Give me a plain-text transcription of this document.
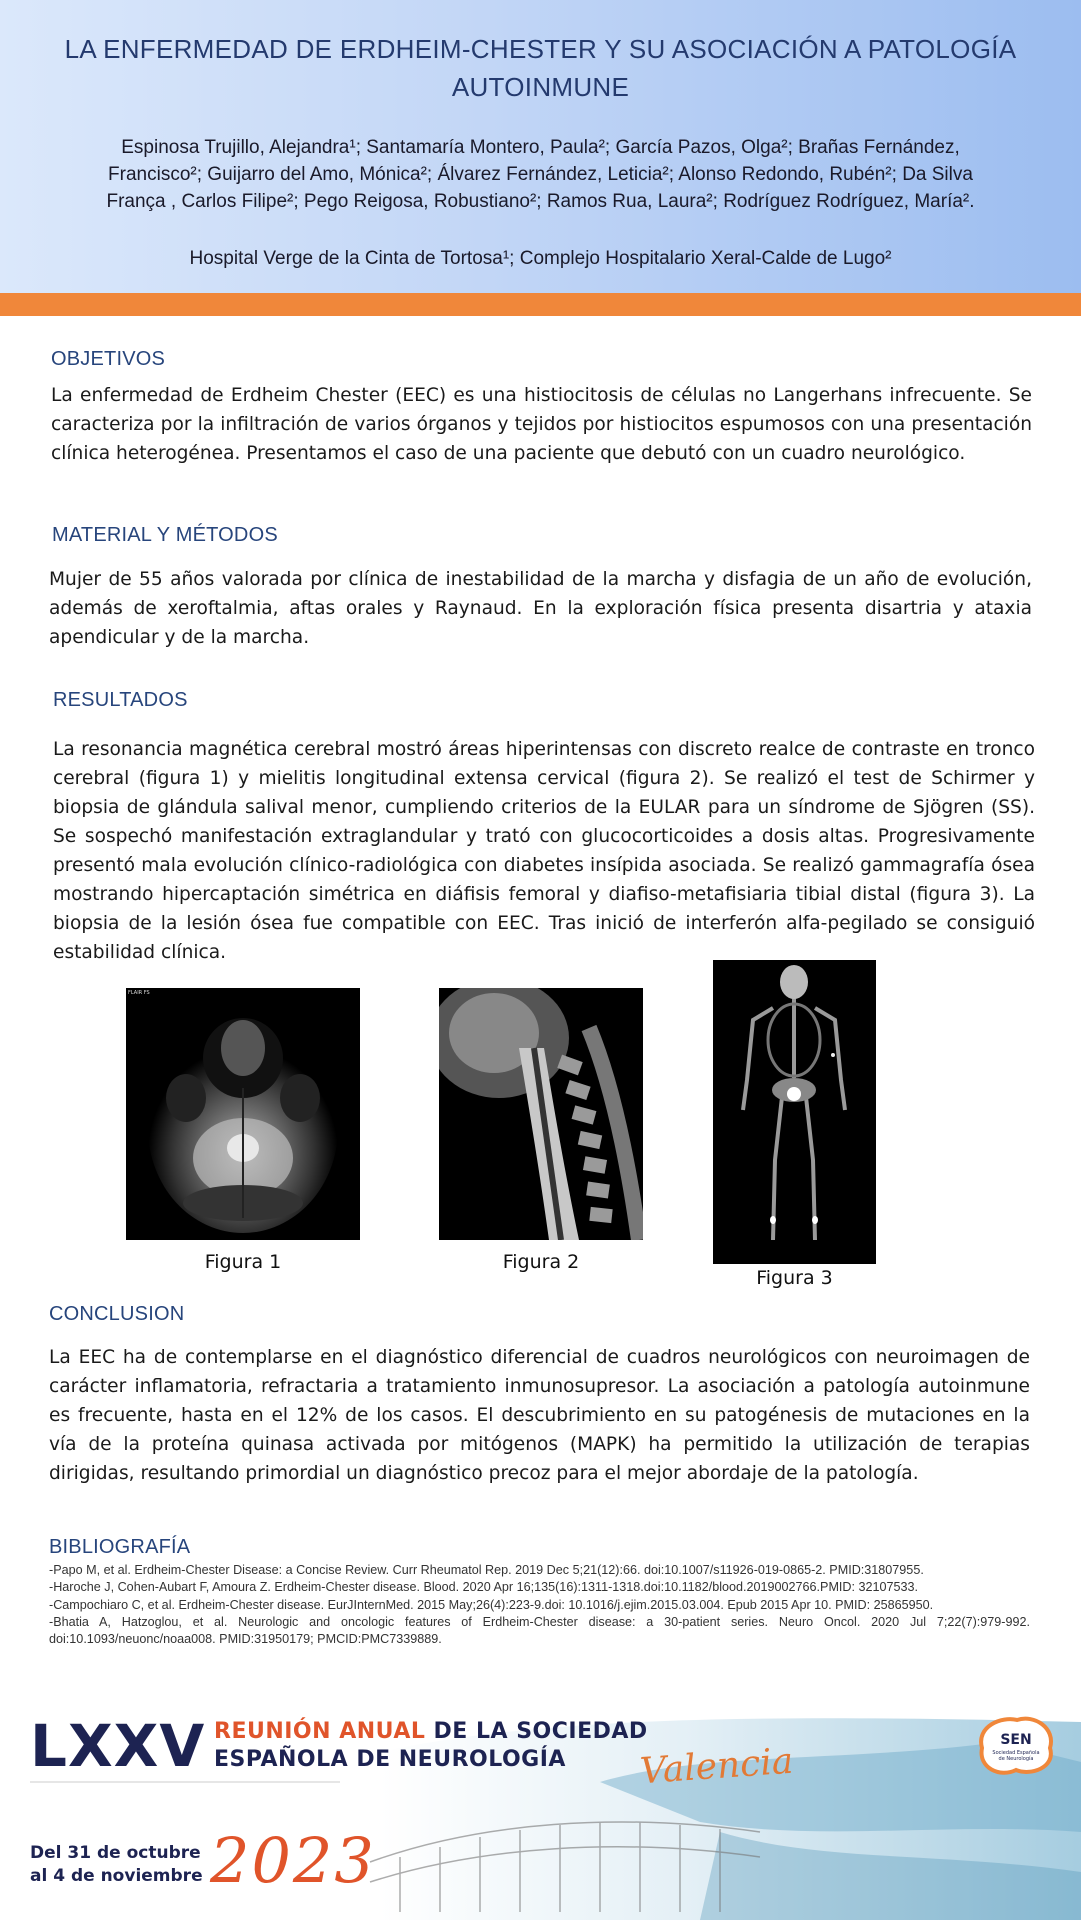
LA ENFERMEDAD DE ERDHEIM-CHESTER Y SU ASOCIACIÓN A PATOLOGÍA AUTOINMUNE
Espinosa Trujillo, Alejandra¹; Santamaría Montero, Paula²; García Pazos, Olga²; Brañas Fernández,
Francisco²; Guijarro del Amo, Mónica²; Álvarez Fernández, Leticia²; Alonso Redondo, Rubén²; Da Silva
França , Carlos Filipe²; Pego Reigosa, Robustiano²; Ramos Rua, Laura²; Rodríguez Rodríguez, María².
Hospital Verge de la Cinta de Tortosa¹; Complejo Hospitalario Xeral-Calde de Lugo²
OBJETIVOS
La enfermedad de Erdheim Chester (EEC) es una histiocitosis de células no Langerhans infrecuente. Se caracteriza por la infiltración de varios órganos y tejidos por histiocitos espumosos con una presentación clínica heterogénea. Presentamos el caso de una paciente que debutó con un cuadro neurológico.
MATERIAL Y MÉTODOS
Mujer de 55 años valorada por clínica de inestabilidad de la marcha y disfagia de un año de evolución, además de xeroftalmia, aftas orales y Raynaud. En la exploración física presenta disartria y ataxia apendicular y de la marcha.
RESULTADOS
La resonancia magnética cerebral mostró áreas hiperintensas con discreto realce de contraste en tronco cerebral (figura 1) y mielitis longitudinal extensa cervical (figura 2). Se realizó el test de Schirmer y biopsia de glándula salival menor, cumpliendo criterios de la EULAR para un síndrome de Sjögren (SS). Se sospechó manifestación extraglandular y trató con glucocorticoides a dosis altas. Progresivamente presentó mala evolución clínico-radiológica con diabetes insípida asociada. Se realizó gammagrafía ósea mostrando hipercaptación simétrica en diáfisis femoral y diafiso-metafisiaria tibial distal (figura 3). La biopsia de la lesión ósea fue compatible con EEC. Tras inició de interferón alfa-pegilado se consiguió estabilidad clínica.
FLAIR FS
Figura 1	Figura 2
Figura 3
CONCLUSION
La EEC ha de contemplarse en el diagnóstico diferencial de cuadros neurológicos con neuroimagen de carácter inflamatoria, refractaria a tratamiento inmunosupresor. La asociación a patología autoinmune es frecuente, hasta en el 12% de los casos. El descubrimiento en su patogénesis de mutaciones en la vía de la proteína quinasa activada por mitógenos (MAPK) ha permitido la utilización de terapias dirigidas, resultando primordial un diagnóstico precoz para el mejor abordaje de la patología.
BIBLIOGRAFÍA

-Papo M, et al. Erdheim-Chester Disease: a Concise Review. Curr Rheumatol Rep. 2019 Dec 5;21(12):66. doi:10.1007/s11926-019-0865-2. PMID:31807955.

-Haroche J, Cohen-Aubart F, Amoura Z. Erdheim-Chester disease. Blood. 2020 Apr 16;135(16):1311-1318.doi:10.1182/blood.2019002766.PMID: 32107533.

-Campochiaro C, et al. Erdheim-Chester disease. EurJInternMed. 2015 May;26(4):223-9.doi: 10.1016/j.ejim.2015.03.004. Epub 2015 Apr 10. PMID: 25865950.

-Bhatia A, Hatzoglou, et al. Neurologic and oncologic features of Erdheim-Chester disease: a 30-patient series. Neuro Oncol. 2020 Jul 7;22(7):979-992. doi:10.1093/neuonc/noaa008. PMID:31950179; PMCID:PMC7339889.

LXXV REUNIÓN ANUAL DE LA SOCIEDAD
ESPAÑOLA DE NEUROLOGÍA
Del 31 de octubre
al 4 de noviembre 2023
Valencia
SEN
Sociedad Española de Neurología
